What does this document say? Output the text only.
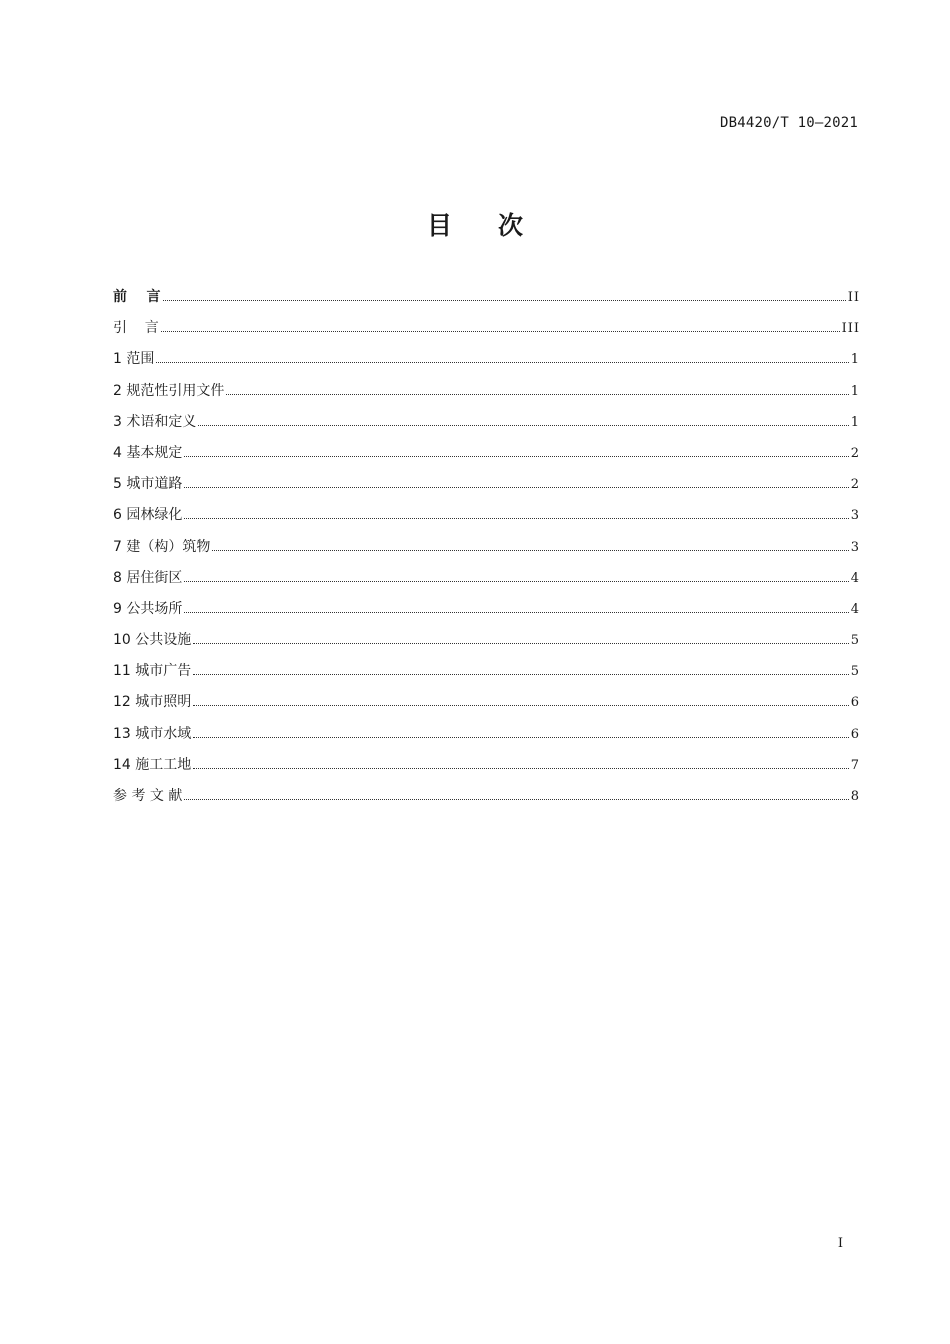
DB4420/T 10—2021
目 次
前    言	II
引    言	III
1 范围	1
2 规范性引用文件	1
3 术语和定义	1
4 基本规定	2
5 城市道路	2
6 园林绿化	3
7 建（构）筑物	3
8 居住街区	4
9 公共场所	4
10 公共设施	5
11 城市广告	5
12 城市照明	6
13 城市水域	6
14 施工工地	7
参 考 文 献	8
I
